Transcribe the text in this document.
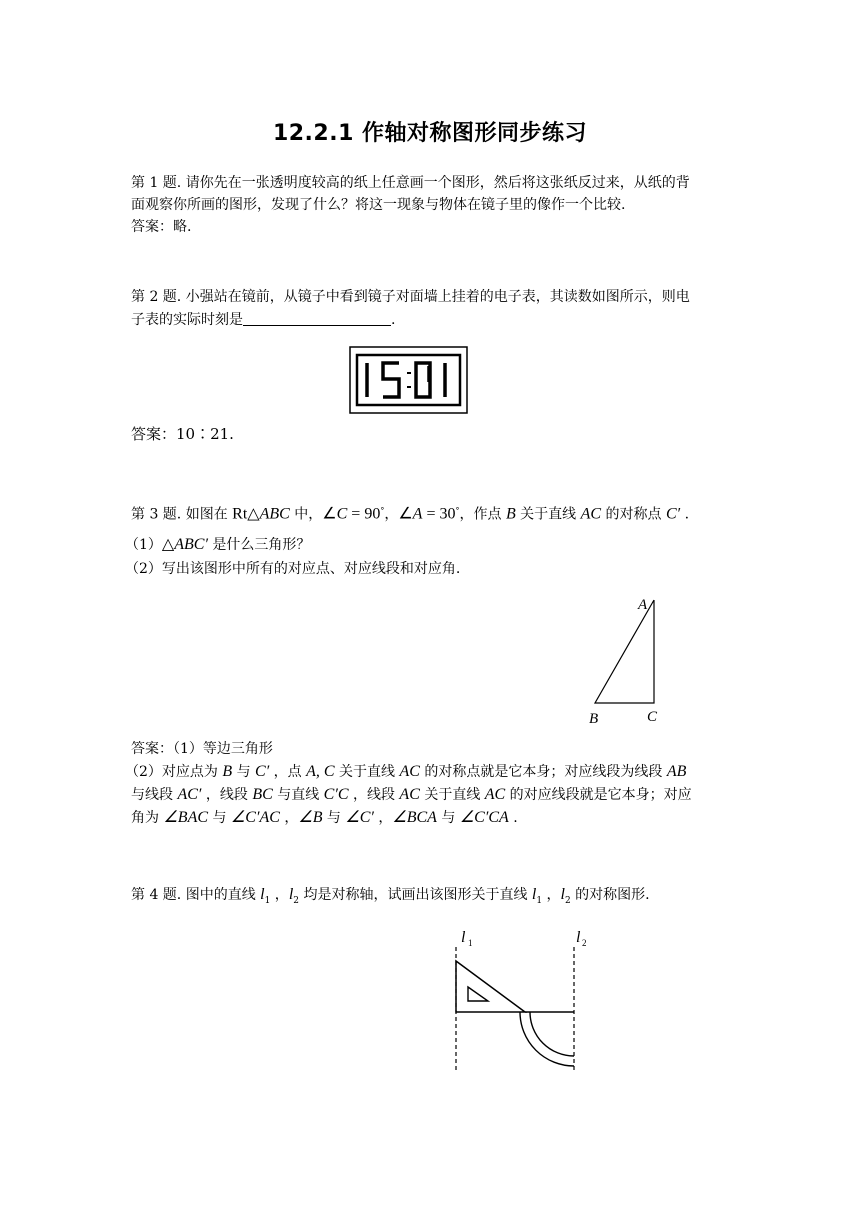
12.2.1 作轴对称图形同步练习
第 1 题. 请你先在一张透明度较高的纸上任意画一个图形，然后将这张纸反过来，从纸的背
面观察你所画的图形，发现了什么？将这一现象与物体在镜子里的像作一个比较.
答案：略.
第 2 题. 小强站在镜前，从镜子中看到镜子对面墙上挂着的电子表，其读数如图所示，则电
子表的实际时刻是	.
答案：10∶21.
第 3 题. 如图在 Rt△ABC 中，∠C = 90°，∠A = 30°，作点 B 关于直线 AC 的对称点 C′ .
（1）△ABC′ 是什么三角形？
（2）写出该图形中所有的对应点、对应线段和对应角.
A
B	C
答案：（1）等边三角形
（2）对应点为 B 与 C′ ，点 A, C 关于直线 AC 的对称点就是它本身；对应线段为线段 AB
与线段 AC′ ，线段 BC 与直线 C′C ，线段 AC 关于直线 AC 的对应线段就是它本身；对应
角为 ∠BAC 与 ∠C′AC ，∠B 与 ∠C′ ，∠BCA 与 ∠C′CA .
第 4 题. 图中的直线 $l_1$ ，$l_2$ 均是对称轴，试画出该图形关于直线 $l_1$ ，$l_2$ 的对称图形.
l 1	l 2
